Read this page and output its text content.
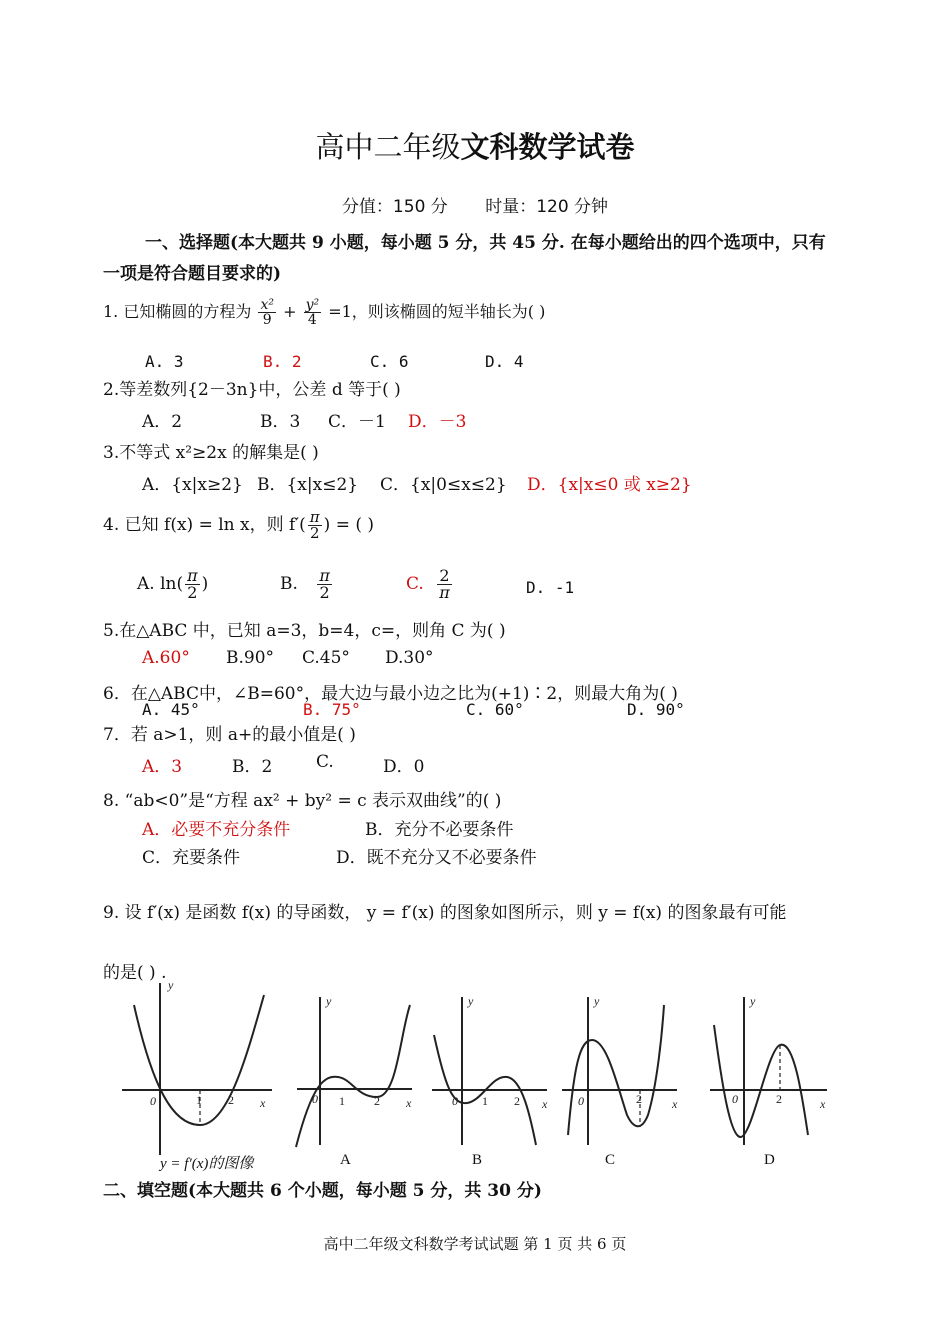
高中二年级文科数学试卷
分值：150 分 时量：120 分钟
一、选择题(本大题共 9 小题，每小题 5 分，共 45 分. 在每小题给出的四个选项中，只有
一项是符合题目要求的)
1. 已知椭圆的方程为 $\frac{\text{x²}}{9} + \frac{\text{y²}}{4} =1$，则该椭圆的短半轴长为( )
A. 3	B. 2	C. 6	D. 4
2.等差数列{2－3n}中，公差 d 等于( )
A．2	B．3 C．－1 D．－3
3.不等式 x²≥2x 的解集是( )
A．{x|x≥2} B．{x|x≤2} C．{x|0≤x≤2} D．{x|x≤0 或 x≥2}
4. 已知 f(x) = ln x，则 $f'( \frac{\pi}{2}$ ) = ( )
A. $\ln( \frac{\pi}{2}$ )	B. $\frac{\pi}{2}$	C. $\frac{2}{\pi}$	D. -1
5.在△ABC 中，已知 a=3，b=4，c=，则角 C 为( )
A.60° B.90° C.45° D.30°
6．在△ABC中，∠B=60°，最大边与最小边之比为(+1)∶2，则最大角为( )
A. 45°	B. 75°	C. 60°	D. 90°
7．若 a>1，则 a+的最小值是( )
A．3	B．2	C.	D．0
8. “ab<0”是“方程 ax² + by² = c 表示双曲线”的( )
A．必要不充分条件	B．充分不必要条件
C．充要条件	D．既不充分又不必要条件
9. 设 f′(x) 是函数 f(x) 的导函数， y = f′(x) 的图象如图所示，则 y = f(x) 的图象最有可能
的是( ) .
0	1 2 x
y
0 1 2 x
y
0 1 2 x
y
0	2	x
y
0	2	x
y
y = f′(x)的图像	A	B	C	D
二、填空题(本大题共 6 个小题，每小题 5 分，共 30 分)
高中二年级文科数学考试试题 第 1 页 共 6 页
